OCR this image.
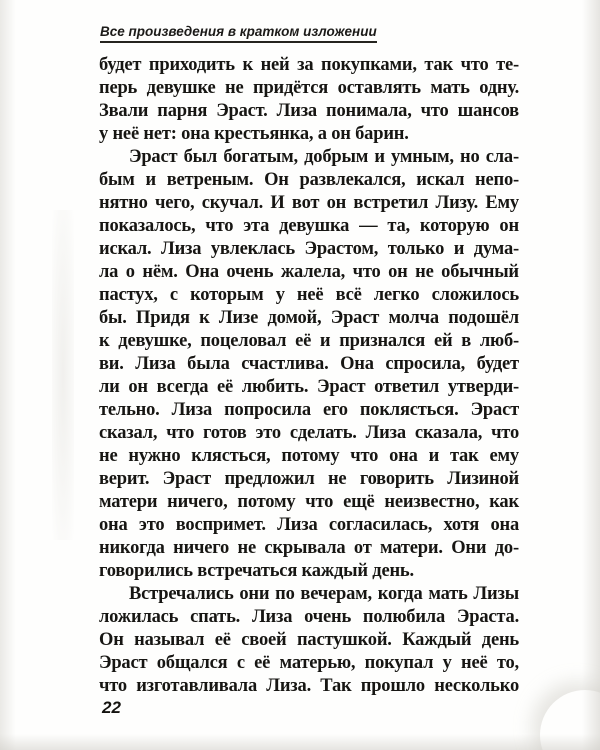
Все произведения в кратком изложении
будет приходить к ней за покупками, так что те-
перь девушке не придётся оставлять мать одну.
Звали парня Эраст. Лиза понимала, что шансов
у неё нет: она крестьянка, а он барин.
Эраст был богатым, добрым и умным, но сла-
бым и ветреным. Он развлекался, искал непо-
нятно чего, скучал. И вот он встретил Лизу. Ему
показалось, что эта девушка — та, которую он
искал. Лиза увлеклась Эрастом, только и дума-
ла о нём. Она очень жалела, что он не обычный
пастух, с которым у неё всё легко сложилось
бы. Придя к Лизе домой, Эраст молча подошёл
к девушке, поцеловал её и признался ей в люб-
ви. Лиза была счастлива. Она спросила, будет
ли он всегда её любить. Эраст ответил утверди-
тельно. Лиза попросила его поклясться. Эраст
сказал, что готов это сделать. Лиза сказала, что
не нужно клясться, потому что она и так ему
верит. Эраст предложил не говорить Лизиной
матери ничего, потому что ещё неизвестно, как
она это воспримет. Лиза согласилась, хотя она
никогда ничего не скрывала от матери. Они до-
говорились встречаться каждый день.
Встречались они по вечерам, когда мать Лизы
ложилась спать. Лиза очень полюбила Эраста.
Он называл её своей пастушкой. Каждый день
Эраст общался с её матерью, покупал у неё то,
что изготавливала Лиза. Так прошло несколько
22
